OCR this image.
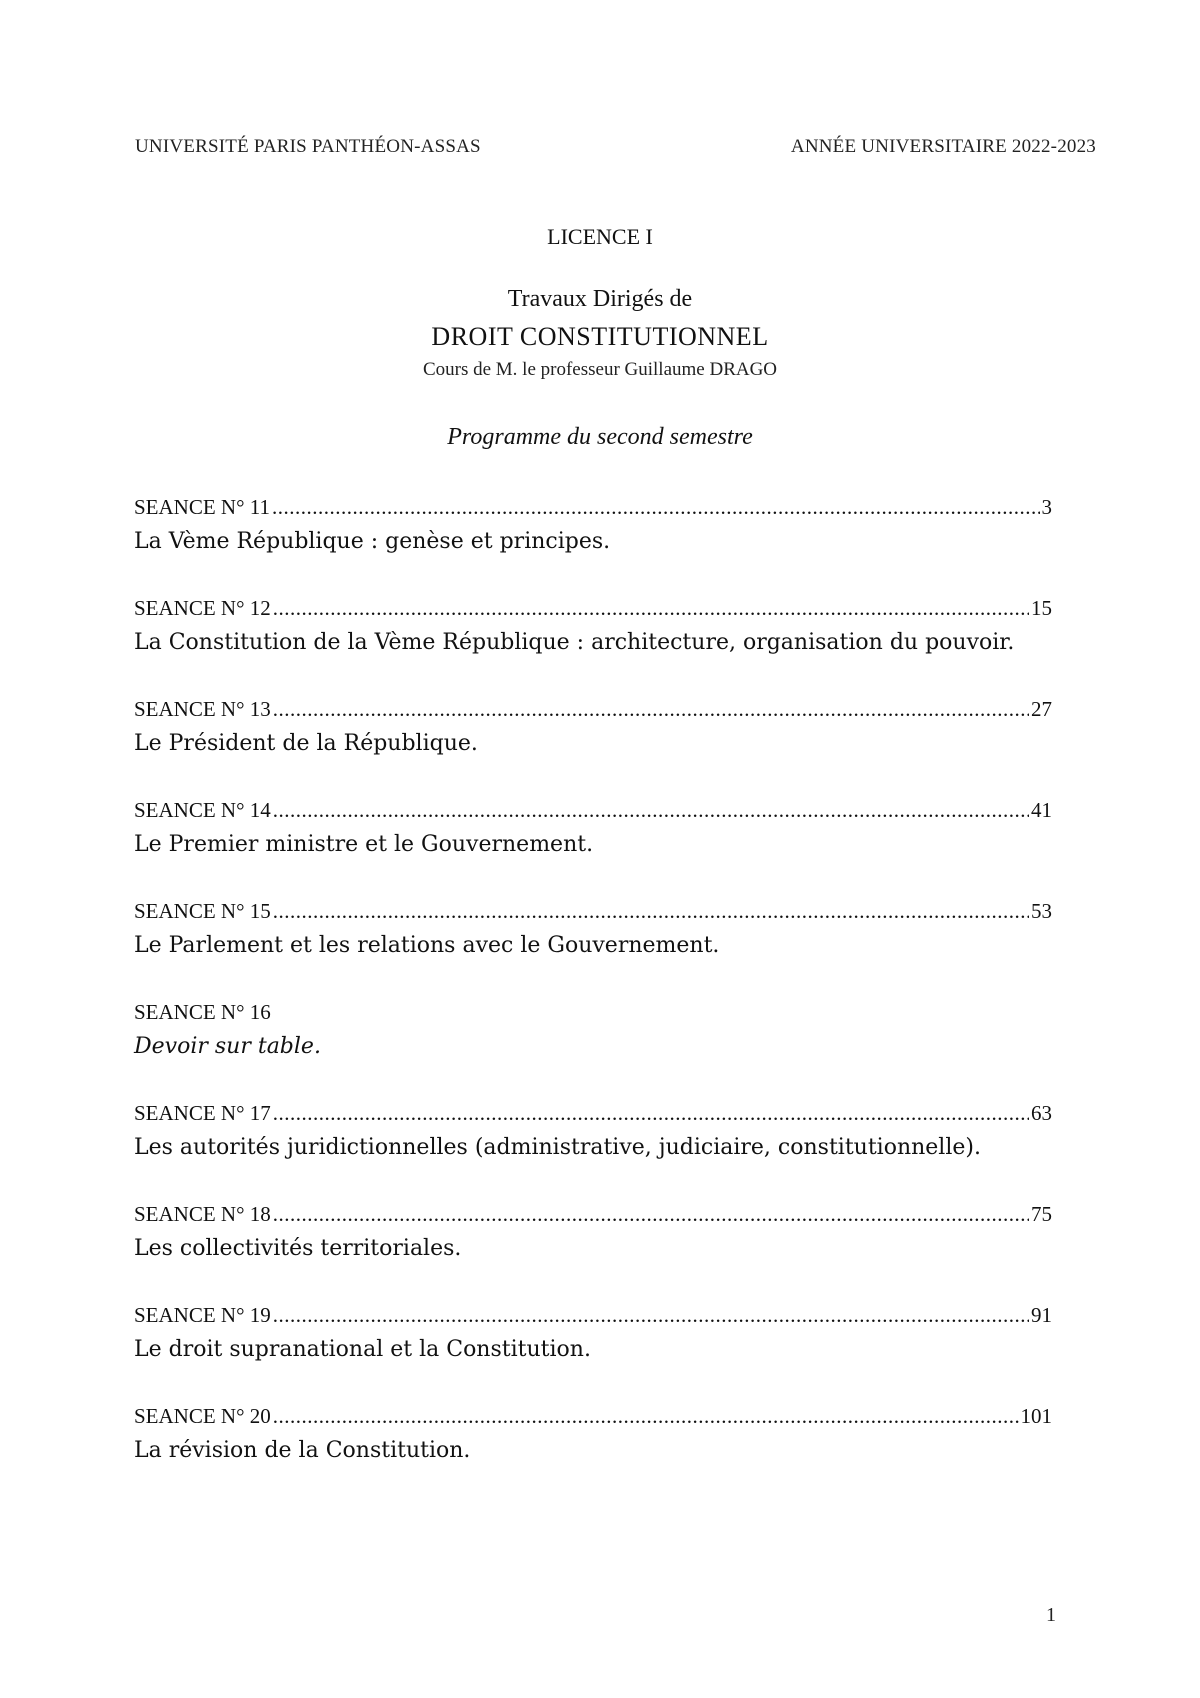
UNIVERSITÉ PARIS PANTHÉON-ASSAS	ANNÉE UNIVERSITAIRE 2022-2023
LICENCE I
Travaux Dirigés de
DROIT CONSTITUTIONNEL
Cours de M. le professeur Guillaume DRAGO
Programme du second semestre
SEANCE N° 11 .....	3
La Vème République : genèse et principes.
SEANCE N° 12 .....	15
La Constitution de la Vème République : architecture, organisation du pouvoir.
SEANCE N° 13 .....	27
Le Président de la République.
SEANCE N° 14 .....	41
Le Premier ministre et le Gouvernement.
SEANCE N° 15 .....	53
Le Parlement et les relations avec le Gouvernement.
SEANCE N° 16
Devoir sur table.
SEANCE N° 17 .....	63
Les autorités juridictionnelles (administrative, judiciaire, constitutionnelle).
SEANCE N° 18 .....	75
Les collectivités territoriales.
SEANCE N° 19 .....	91
Le droit supranational et la Constitution.
SEANCE N° 20 .....	101
La révision de la Constitution.
1
